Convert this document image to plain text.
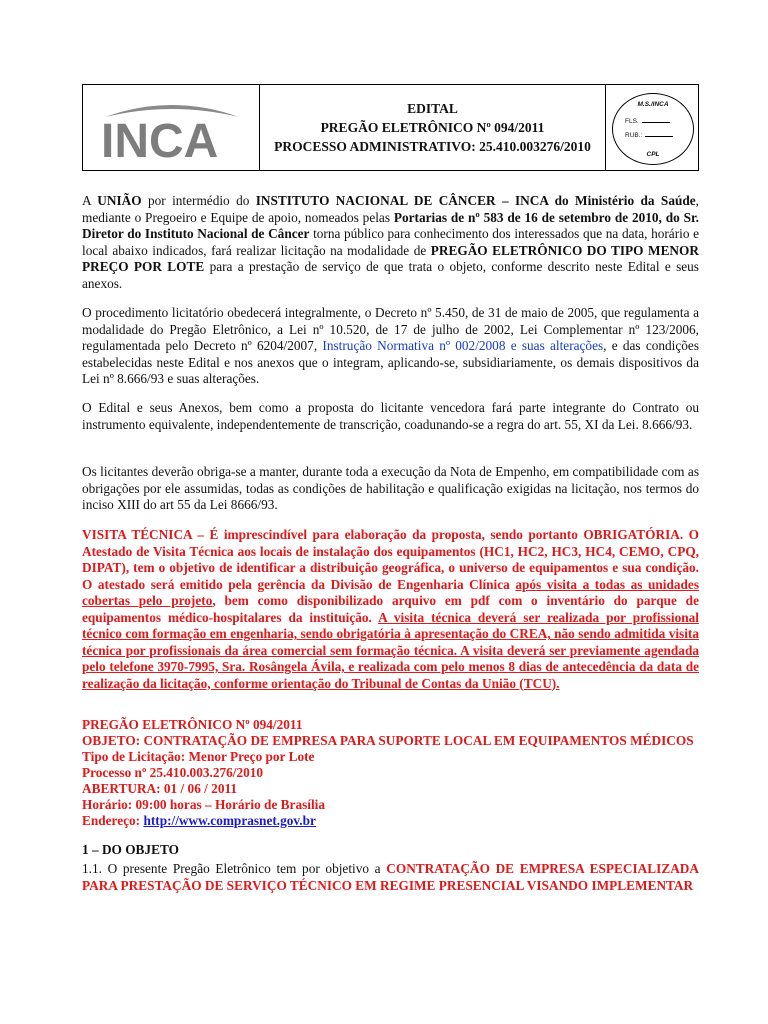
INCA
EDITAL
PREGÃO ELETRÔNICO Nº 094/2011
PROCESSO ADMINISTRATIVO: 25.410.003276/2010
M.S./INCA
FLS.
RUB.:
CPL
A UNIÃO por intermédio do INSTITUTO NACIONAL DE CÂNCER – INCA do Ministério da Saúde, mediante o Pregoeiro e Equipe de apoio, nomeados pelas Portarias de nº 583 de 16 de setembro de 2010, do Sr. Diretor do Instituto Nacional de Câncer torna público para conhecimento dos interessados que na data, horário e local abaixo indicados, fará realizar licitação na modalidade de PREGÃO ELETRÔNICO DO TIPO MENOR PREÇO POR LOTE para a prestação de serviço de que trata o objeto, conforme descrito neste Edital e seus anexos.
O procedimento licitatório obedecerá integralmente, o Decreto nº 5.450, de 31 de maio de 2005, que regulamenta a modalidade do Pregão Eletrônico, a Lei nº 10.520, de 17 de julho de 2002, Lei Complementar nº 123/2006, regulamentada pelo Decreto nº 6204/2007, Instrução Normativa nº 002/2008 e suas alterações, e das condições estabelecidas neste Edital e nos anexos que o integram, aplicando-se, subsidiariamente, os demais dispositivos da Lei nº 8.666/93 e suas alterações.
O Edital e seus Anexos, bem como a proposta do licitante vencedora fará parte integrante do Contrato ou instrumento equivalente, independentemente de transcrição, coadunando-se a regra do art. 55, XI da Lei. 8.666/93.
Os licitantes deverão obriga-se a manter, durante toda a execução da Nota de Empenho, em compatibilidade com as obrigações por ele assumidas, todas as condições de habilitação e qualificação exigidas na licitação, nos termos do inciso XIII do art 55 da Lei 8666/93.
VISITA TÉCNICA – É imprescindível para elaboração da proposta, sendo portanto OBRIGATÓRIA. O Atestado de Visita Técnica aos locais de instalação dos equipamentos (HC1, HC2, HC3, HC4, CEMO, CPQ, DIPAT), tem o objetivo de identificar a distribuição geográfica, o universo de equipamentos e sua condição. O atestado será emitido pela gerência da Divisão de Engenharia Clínica após visita a todas as unidades cobertas pelo projeto, bem como disponibilizado arquivo em pdf com o inventário do parque de equipamentos médico-hospitalares da instituição. A visita técnica deverá ser realizada por profissional técnico com formação em engenharia, sendo obrigatória à apresentação do CREA, não sendo admitida visita técnica por profissionais da área comercial sem formação técnica. A visita deverá ser previamente agendada pelo telefone 3970-7995, Sra. Rosângela Ávila, e realizada com pelo menos 8 dias de antecedência da data de realização da licitação, conforme orientação do Tribunal de Contas da União (TCU).
PREGÃO ELETRÔNICO Nº 094/2011
OBJETO: CONTRATAÇÃO DE EMPRESA PARA SUPORTE LOCAL EM EQUIPAMENTOS MÉDICOS
Tipo de Licitação: Menor Preço por Lote
Processo nº 25.410.003.276/2010
ABERTURA: 01 / 06 / 2011
Horário: 09:00 horas – Horário de Brasília
Endereço: http://www.comprasnet.gov.br
1 – DO OBJETO
1.1. O presente Pregão Eletrônico tem por objetivo a CONTRATAÇÃO DE EMPRESA ESPECIALIZADA PARA PRESTAÇÃO DE SERVIÇO TÉCNICO EM REGIME PRESENCIAL VISANDO IMPLEMENTAR
